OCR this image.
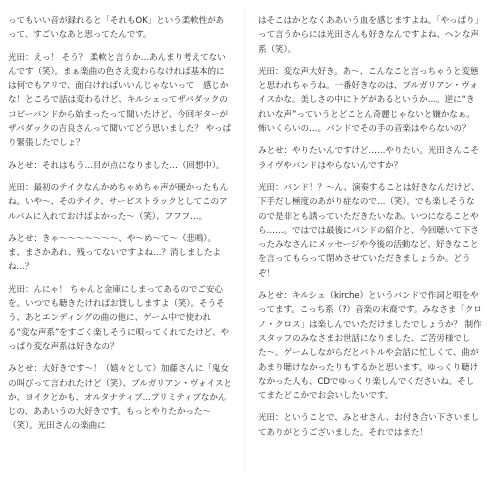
ってもいい音が録れると「それもOK」という柔軟性があって、すごいなあと思ってたんです。

光田：えっ！ そう？ 柔軟と言うか…あんまり考えてないんです（笑）。まぁ楽曲の色さえ変わらなければ基本的には何でもアリで、面白ければいいんじゃないって　感じかな！ところで話は変わるけど、キルシェってザバダックのコピーバンドから始まったって聞いたけど、今回ギターがザバダックの吉良さんって聞いてどう思いました？ やっぱり緊張したでしょ？

みとせ：それはもう…目が点になりました…（回想中）。

光田：最初のテイクなんかめちゃめちゃ声が硬かったもんね。いや〜、そのテイク、サービストラックとしてこのアルバムに入れておけばよかった〜（笑）、フフフ…。

みとせ：きゃ〜〜〜〜〜〜〜、や〜め〜て〜（悲鳴）。ま、まさかあれ、残ってないですよね…？消しましたよね…？

光田：んにゃ！ ちゃんと金庫にしまってあるのでご安心を。いつでも聴きたければお貸ししますよ（笑）。そうそう、あとエンディングの曲の他に、ゲーム中で使われる“変な声系”をすごく楽しそうに唄ってくれてたけど、やっぱり変な声系は好きなの？

みとせ：大好きです〜！（嬉々として）加藤さんに「鬼女の叫びって言われたけど（笑）、ブルガリアン・ヴォイスとか、ヨイクとかも、オルタナティブ…プリミティブなかんじの、ああいうの大好きです。もっとやりたかった〜（笑）。光田さんの楽曲に

はそこはかとなくああいう血を感じますよね。「やっぱり」って言うからには光田さんも好きなんですよね、ヘンな声系（笑）。

光田：変な声大好き。あ〜、こんなこと言っちゃうと変態と思われちゃうね。一番好きなのは、ブルガリアン・ヴォイスかな。美しさの中にトゲがあるというか…。逆に“きれいな声”っていうとどことん奇麗じゃないと嫌かなぁ。怖いくらいの…。バンドでその手の音楽はやらないの？

みとせ：やりたいんですけど……やりたい。光田さんこそライヴやバンドはやらないんですか？

光田：バンド！？〜ん、演奏することは好きなんだけど、下手だし極度のあがり症なので…（笑）。でも楽しそうなので是非とも誘っていただきたいなあ。いつになることやら……。ではでは最後にバンドの紹介と、今回聴いて下さったみなさんにメッセージや今後の活動など、好きなことを言ってもらって閉めさせていただきましょうか。どうぞ！

みとせ：キルシェ（kirche）というバンドで作詞と唄をやってます。こっち系（?）音楽の末裔です。みなさま「クロノ・クロス」は楽しんでいただけましたでしょうか？ 制作スタッフのみなさまお世話になりました、ご苦労様でした〜。ゲームしながらだとバトルや会話に忙しくて、曲があまり聴けなかったりもするかと思います。ゆっくり聴けなかった人も、CDでゆっくり楽しんでくださいね。そしてまたどこかでお会いしたいです。

光田：ということで、みとせさん、お付き合い下さいましてありがとうございました。それではまた！
